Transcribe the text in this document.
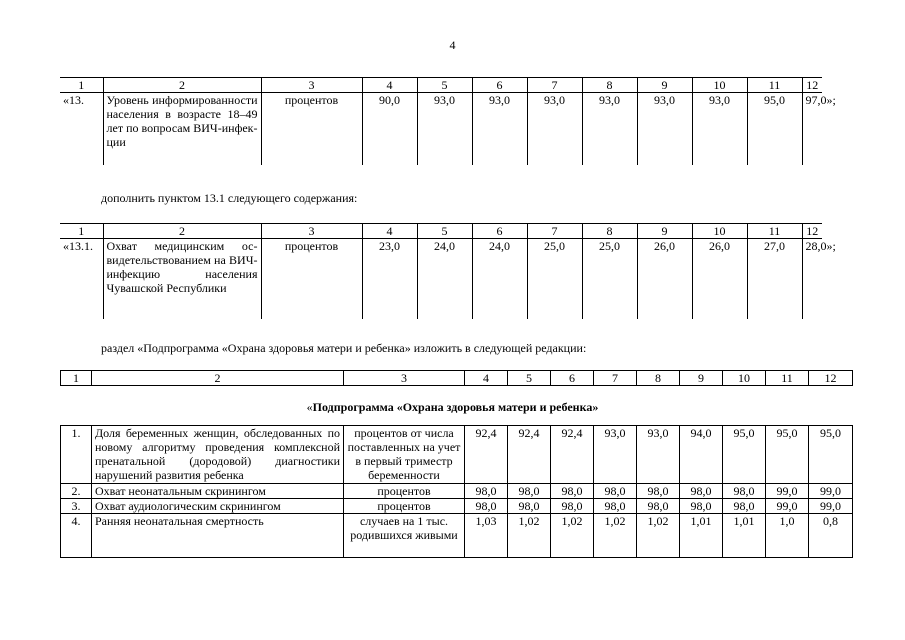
4
1	2	3	4	5	6	7	8	9	10	11	12
«13.	Уровень информированности населения в возрасте 18–49 лет по вопросам ВИЧ-инфекции	процентов	90,0	93,0	93,0	93,0	93,0	93,0	93,0	95,0	97,0»;
дополнить пунктом 13.1 следующего содержания:
1	2	3	4	5	6	7	8	9	10	11	12
«13.1.	Охват медицинским освидетельствованием на ВИЧ-инфекцию населения Чувашской Республики	процентов	23,0	24,0	24,0	25,0	25,0	26,0	26,0	27,0	28,0»;
раздел «Подпрограмма «Охрана здоровья матери и ребенка» изложить в следующей редакции:
1	2	3	4	5	6	7	8	9	10	11	12
«Подпрограмма «Охрана здоровья матери и ребенка»
1.	Доля беременных женщин, обследованных по новому алгоритму проведения комплексной пренатальной (дородовой) диагностики нарушений развития ребенка	процентов от числа поставленных на учет в первый триместр беременности	92,4	92,4	92,4	93,0	93,0	94,0	95,0	95,0	95,0
2.	Охват неонатальным скринингом	процентов	98,0	98,0	98,0	98,0	98,0	98,0	98,0	99,0	99,0
3.	Охват аудиологическим скринингом	процентов	98,0	98,0	98,0	98,0	98,0	98,0	98,0	99,0	99,0
4.	Ранняя неонатальная смертность	случаев на 1 тыс. родившихся живыми	1,03	1,02	1,02	1,02	1,02	1,01	1,01	1,0	0,8
